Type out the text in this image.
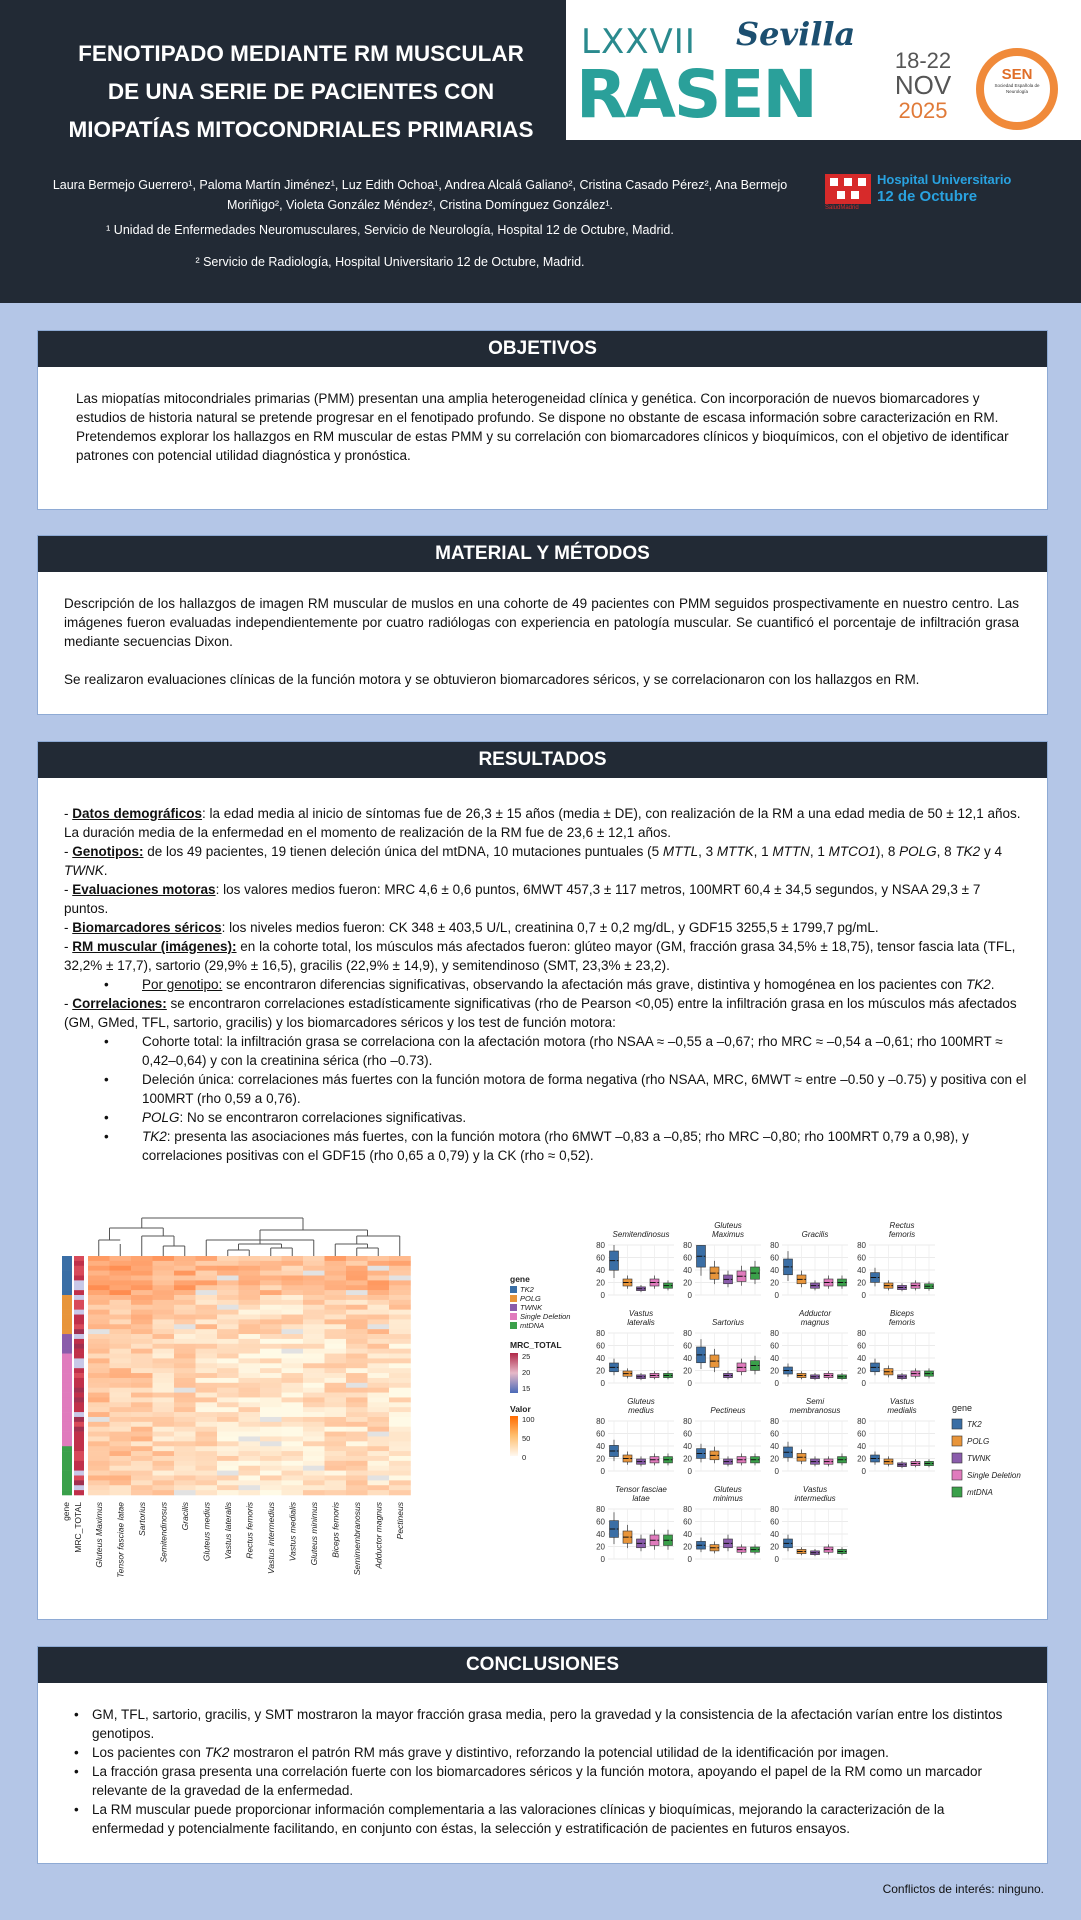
FENOTIPADO MEDIANTE RM MUSCULAR
DE UNA SERIE DE PACIENTES CON
MIOPATÍAS MITOCONDRIALES PRIMARIAS
LXXVII Sevilla
RASEN	18-22
NOV
2025
SEN
Sociedad Española de Neurología
Laura Bermejo Guerrero¹, Paloma Martín Jiménez¹, Luz Edith Ochoa¹, Andrea Alcalá Galiano², Cristina Casado Pérez², Ana Bermejo Moriñigo², Violeta González Méndez², Cristina Domínguez González¹.
¹ Unidad de Enfermedades Neuromusculares, Servicio de Neurología, Hospital 12 de Octubre, Madrid.
² Servicio de Radiología, Hospital Universitario 12 de Octubre, Madrid.
Hospital Universitario
12 de Octubre
SaludMadrid
OBJETIVOS

Las miopatías mitocondriales primarias (PMM) presentan una amplia heterogeneidad clínica y genética. Con incorporación de nuevos biomarcadores y estudios de historia natural se pretende progresar en el fenotipado profundo. Se dispone no obstante de escasa información sobre caracterización en RM.

Pretendemos explorar los hallazgos en RM muscular de estas PMM y su correlación con biomarcadores clínicos y bioquímicos, con el objetivo de identificar patrones con potencial utilidad diagnóstica y pronóstica.

MATERIAL Y MÉTODOS

Descripción de los hallazgos de imagen RM muscular de muslos en una cohorte de 49 pacientes con PMM seguidos prospectivamente en nuestro centro. Las imágenes fueron evaluadas independientemente por cuatro radiólogas con experiencia en patología muscular. Se cuantificó el porcentaje de infiltración grasa mediante secuencias Dixon.

Se realizaron evaluaciones clínicas de la función motora y se obtuvieron biomarcadores séricos, y se correlacionaron con los hallazgos en RM.

RESULTADOS

- Datos demográficos: la edad media al inicio de síntomas fue de 26,3 ± 15 años (media ± DE), con realización de la RM a una edad media de 50 ± 12,1 años. La duración media de la enfermedad en el momento de realización de la RM fue de 23,6 ± 12,1 años.

- Genotipos: de los 49 pacientes, 19 tienen deleción única del mtDNA, 10 mutaciones puntuales (5 MTTL, 3 MTTK, 1 MTTN, 1 MTCO1), 8 POLG, 8 TK2 y 4 TWNK.

- Evaluaciones motoras: los valores medios fueron: MRC 4,6 ± 0,6 puntos, 6MWT 457,3 ± 117 metros, 100MRT 60,4 ± 34,5 segundos, y NSAA 29,3 ± 7 puntos.

- Biomarcadores séricos: los niveles medios fueron: CK 348 ± 403,5 U/L, creatinina 0,7 ± 0,2 mg/dL, y GDF15 3255,5 ± 1799,7 pg/mL.

- RM muscular (imágenes): en la cohorte total, los músculos más afectados fueron: glúteo mayor (GM, fracción grasa 34,5% ± 18,75), tensor fascia lata (TFL, 32,2% ± 17,7), sartorio (29,9% ± 16,5), gracilis (22,9% ± 14,9), y semitendinoso (SMT, 23,3% ± 23,2).

• Por genotipo: se encontraron diferencias significativas, observando la afectación más grave, distintiva y homogénea en los pacientes con TK2.

- Correlaciones: se encontraron correlaciones estadísticamente significativas (rho de Pearson <0,05) entre la infiltración grasa en los músculos más afectados (GM, GMed, TFL, sartorio, gracilis) y los biomarcadores séricos y los test de función motora:

• Cohorte total: la infiltración grasa se correlaciona con la afectación motora (rho NSAA ≈ –0,55 a –0,67; rho MRC ≈ –0,54 a –0,61; rho 100MRT ≈ 0,42–0,64) y con la creatinina sérica (rho –0.73).

• Deleción única: correlaciones más fuertes con la función motora de forma negativa (rho NSAA, MRC, 6MWT ≈ entre –0.50 y –0.75) y positiva con el 100MRT (rho 0,59 a 0,76).

• POLG: No se encontraron correlaciones significativas.

• TK2: presenta las asociaciones más fuertes, con la función motora (rho 6MWT –0,83 a –0,85; rho MRC –0,80; rho 100MRT 0,79 a 0,98), y correlaciones positivas con el GDF15 (rho 0,65 a 0,79) y la CK (rho ≈ 0,52).

gene MRC_TOTAL Gluteus Maximus Tensor fasciae latae Sartorius Semitendinosus Gracilis Gluteus medius Vastus lateralis Rectus femoris Vastus intermedius Vastus medialis Gluteus minimus Biceps femoris Semimembranosus Adductor magnus Pectineus
gene
TK2
POLG
TWNK
Single Deletion
mtDNA
MRC_TOTAL
25
20
15
Valor
100
50
0
Semitendinosus
80
60
40
20
0
Gluteus
Maximus
80
60
40
20
0
Gracilis
80
60
40
20
0
Rectus
femoris
80
60
40
20
0
Vastus
lateralis
80
60
40
20
0
Sartorius
80
60
40
20
0
Adductor
magnus
80
60
40
20
0
Biceps
femoris
80
60
40
20
0
Gluteus
medius
80
60
40
20
0
Pectineus
80
60
40
20
0
Semi
membranosus
80
60
40
20
0
Vastus
medialis
80
60
40
20
0
Tensor fasciae
latae
80
60
40
20
0
Gluteus
minimus
80
60
40
20
0
Vastus
intermedius
80
60
40
20
0
gene
TK2
POLG
TWNK
Single Deletion
mtDNA
CONCLUSIONES
• GM, TFL, sartorio, gracilis, y SMT mostraron la mayor fracción grasa media, pero la gravedad y la consistencia de la afectación varían entre los distintos genotipos.
• Los pacientes con TK2 mostraron el patrón RM más grave y distintivo, reforzando la potencial utilidad de la identificación por imagen.
• La fracción grasa presenta una correlación fuerte con los biomarcadores séricos y la función motora, apoyando el papel de la RM como un marcador relevante de la gravedad de la enfermedad.
• La RM muscular puede proporcionar información complementaria a las valoraciones clínicas y bioquímicas, mejorando la caracterización de la enfermedad y potencialmente facilitando, en conjunto con éstas, la selección y estratificación de pacientes en futuros ensayos.
Conflictos de interés: ninguno.
